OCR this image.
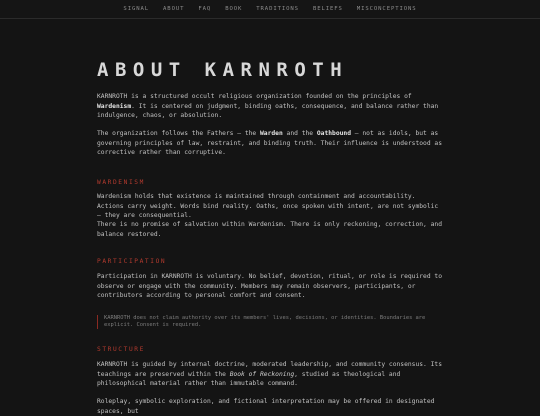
SIGNAL	ABOUT	FAQ	BOOK	TRADITIONS	BELIEFS	MISCONCEPTIONS
ABOUT KARNROTH

KARNROTH is a structured occult religious organization founded on the principles of Wardenism. It is centered on judgment, binding oaths, consequence, and balance rather than indulgence, chaos, or absolution.

The organization follows the Fathers — the Warden and the Oathbound — not as idols, but as governing principles of law, restraint, and binding truth. Their influence is understood as corrective rather than corruptive.

WARDENISM

Wardenism holds that existence is maintained through containment and accountability. Actions carry weight. Words bind reality. Oaths, once spoken with intent, are not symbolic — they are consequential.

There is no promise of salvation within Wardenism. There is only reckoning, correction, and balance restored.

PARTICIPATION

Participation in KARNROTH is voluntary. No belief, devotion, ritual, or role is required to observe or engage with the community. Members may remain observers, participants, or contributors according to personal comfort and consent.

KARNROTH does not claim authority over its members' lives, decisions, or identities. Boundaries are explicit. Consent is required.
STRUCTURE

KARNROTH is guided by internal doctrine, moderated leadership, and community consensus. Its teachings are preserved within the Book of Reckoning, studied as theological and philosophical material rather than immutable command.

Roleplay, symbolic exploration, and fictional interpretation may be offered in designated spaces, but
